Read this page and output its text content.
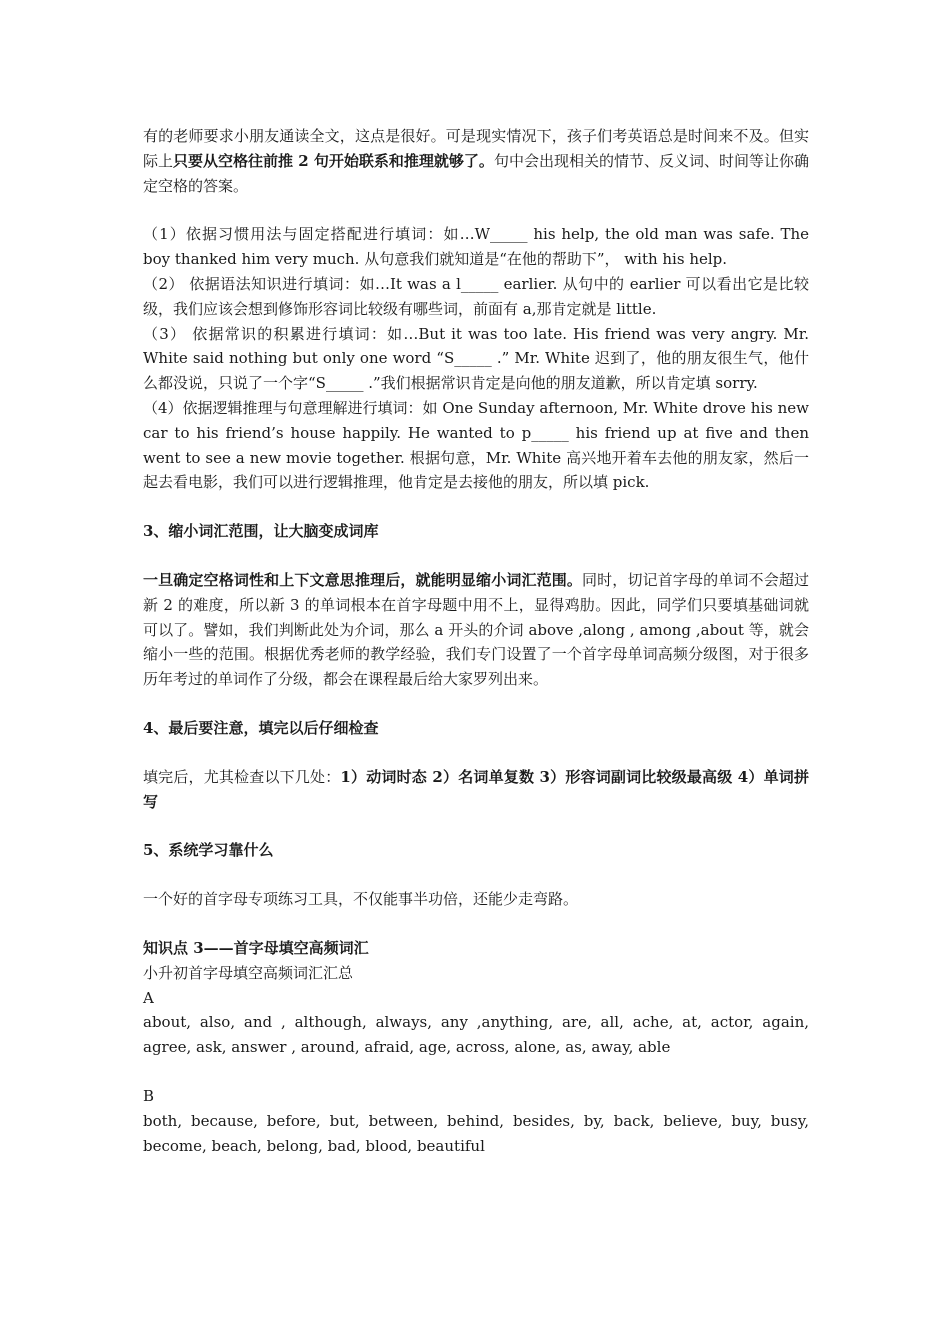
有的老师要求小朋友通读全文，这点是很好。可是现实情况下，孩子们考英语总是时间来不及。但实际上只要从空格往前推 2 句开始联系和推理就够了。句中会出现相关的情节、反义词、时间等让你确定空格的答案。

（1）依据习惯用法与固定搭配进行填词：如…W_____ his help, the old man was safe. The boy thanked him very much. 从句意我们就知道是“在他的帮助下”， with his help.

（2） 依据语法知识进行填词：如…It was a l_____ earlier. 从句中的 earlier 可以看出它是比较级，我们应该会想到修饰形容词比较级有哪些词，前面有 a,那肯定就是 little.

（3） 依据常识的积累进行填词：如…But it was too late. His friend was very angry. Mr. White said nothing but only one word “S_____ .” Mr. White 迟到了，他的朋友很生气，他什么都没说，只说了一个字“S_____ .”我们根据常识肯定是向他的朋友道歉，所以肯定填 sorry.

（4）依据逻辑推理与句意理解进行填词：如 One Sunday afternoon, Mr. White drove his new car to his friend’s house happily. He wanted to p_____ his friend up at five and then went to see a new movie together. 根据句意，Mr. White 高兴地开着车去他的朋友家，然后一起去看电影，我们可以进行逻辑推理，他肯定是去接他的朋友，所以填 pick.

3、缩小词汇范围，让大脑变成词库

一旦确定空格词性和上下文意思推理后，就能明显缩小词汇范围。同时，切记首字母的单词不会超过新 2 的难度，所以新 3 的单词根本在首字母题中用不上，显得鸡肋。因此，同学们只要填基础词就可以了。譬如，我们判断此处为介词，那么 a 开头的介词 above ,along , among ,about 等，就会缩小一些的范围。根据优秀老师的教学经验，我们专门设置了一个首字母单词高频分级图，对于很多历年考过的单词作了分级，都会在课程最后给大家罗列出来。

4、最后要注意，填完以后仔细检查

填完后，尤其检查以下几处：1）动词时态 2）名词单复数 3）形容词副词比较级最高级 4）单词拼写

5、系统学习靠什么

一个好的首字母专项练习工具，不仅能事半功倍，还能少走弯路。

知识点 3——首字母填空高频词汇

小升初首字母填空高频词汇汇总

A

about, also, and , although, always, any ,anything, are, all, ache, at, actor, again, agree, ask, answer , around, afraid, age, across, alone, as, away, able

B

both, because, before, but, between, behind, besides, by, back, believe, buy, busy, become, beach, belong, bad, blood, beautiful
